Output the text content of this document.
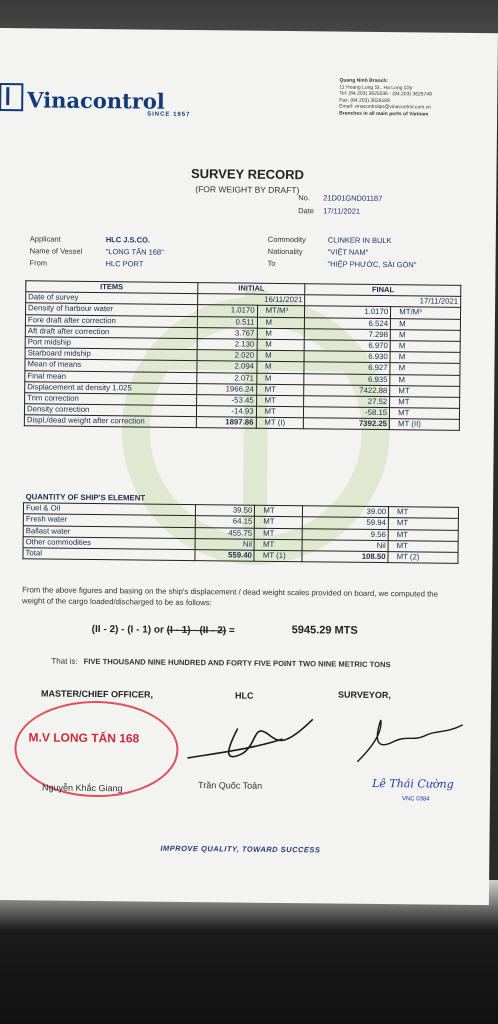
Vinacontrol
SINCE 1957
Quang Ninh Branch:
11 Hoang Long St., Ha Long City
Tel: (84.203) 3625036 - (84.203) 3625749
Fax: (84.203) 3626169
Email: vinacontrolqn@vinacontrol.com.vn
Branches in all main ports of Vietnam
SURVEY RECORD
(FOR WEIGHT BY DRAFT)
No. 21D01GND01187
Date 17/11/2021
Applicant	HLC J.S.CO.
Name of Vessel	"LONG TẤN 168"
From	HLC PORT
Commodity	CLINKER IN BULK
Nationality	"VIỆT NAM"
To	"HIỆP PHƯỚC, SÀI GÒN"
ITEMS	INITIAL		FINAL	
Date of survey	16/11/2021		17/11/2021	
Density of harbour water	1.0170	MT/M³	1.0170	MT/M³
Fore draft after correction	0.511	M	6.524	M
Aft draft after correction	3.767	M	7.298	M
Port midship	2.130	M	6.970	M
Starboard midship	2.020	M	6.930	M
Mean of means	2.094	M	6.927	M
Final mean	2.071	M	6.935	M
Displacement at density 1.025	1966.24	MT	7422.88	MT
Trim correction	-53.45	MT	27.52	MT
Density correction	-14.93	MT	-58.15	MT
Displ./dead weight after correction	1897.86	MT (I)	7392.25	MT (II)
QUANTITY OF SHIP'S ELEMENT				
Fuel & Oil	39.50	MT	39.00	MT
Fresh water	64.15	MT	59.94	MT
Ballast water	455.75	MT	9.56	MT
Other commodities	Nil	MT	Nil	MT
Total	559.40	MT (1)	108.50	MT (2)
From the above figures and basing on the ship's displacement / dead weight scales provided on board, we computed the weight of the cargo loaded/discharged to be as follows:
(II - 2) - (I - 1) or (I - 1) - (II - 2) =	5945.29 MTS
That is: FIVE THOUSAND NINE HUNDRED AND FORTY FIVE POINT TWO NINE METRIC TONS
MASTER/CHIEF OFFICER,	HLC	SURVEYOR,
M.V LONG TẤN 168
Nguyễn Khắc Giang	Trần Quốc Toản	Lê Thái Cường
VNC 0384
IMPROVE QUALITY, TOWARD SUCCESS
